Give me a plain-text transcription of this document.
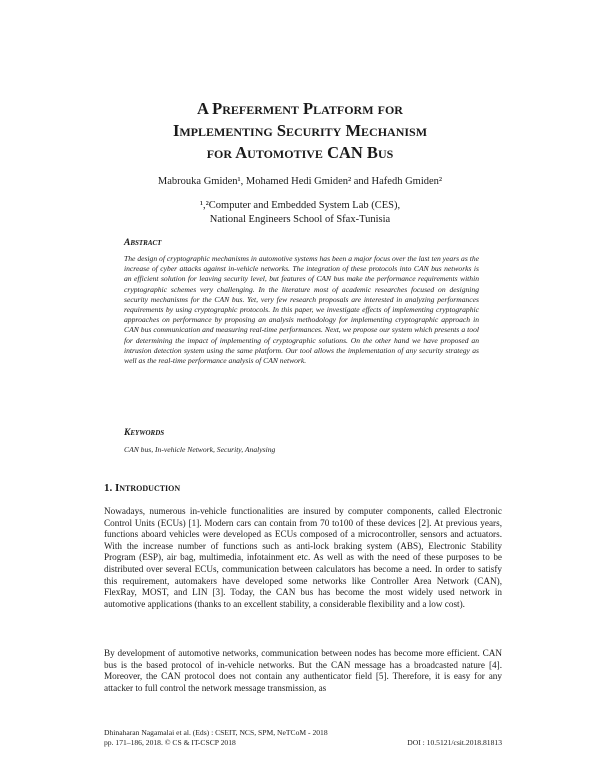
A Preferment Platform for
Implementing Security Mechanism
for Automotive CAN Bus
Mabrouka Gmiden¹, Mohamed Hedi Gmiden² and Hafedh Gmiden²
¹,²Computer and Embedded System Lab (CES),
National Engineers School of Sfax-Tunisia
Abstract
The design of cryptographic mechanisms in automotive systems has been a major focus over the last ten years as the increase of cyber attacks against in-vehicle networks. The integration of these protocols into CAN bus networks is an efficient solution for leaving security level, but features of CAN bus make the performance requirements within cryptographic schemes very challenging. In the literature most of academic researches focused on designing security mechanisms for the CAN bus. Yet, very few research proposals are interested in analyzing performances requirements by using cryptographic protocols. In this paper, we investigate effects of implementing cryptographic approaches on performance by proposing an analysis methodology for implementing cryptographic approach in CAN bus communication and measuring real-time performances. Next, we propose our system which presents a tool for determining the impact of implementing of cryptographic solutions. On the other hand we have proposed an intrusion detection system using the same platform. Our tool allows the implementation of any security strategy as well as the real-time performance analysis of CAN network.
Keywords
CAN bus, In-vehicle Network, Security, Analysing
1. Introduction
Nowadays, numerous in-vehicle functionalities are insured by computer components, called Electronic Control Units (ECUs) [1]. Modern cars can contain from 70 to100 of these devices [2]. At previous years, functions aboard vehicles were developed as ECUs composed of a microcontroller, sensors and actuators. With the increase number of functions such as anti-lock braking system (ABS), Electronic Stability Program (ESP), air bag, multimedia, infotainment etc. As well as with the need of these purposes to be distributed over several ECUs, communication between calculators has become a need. In order to satisfy this requirement, automakers have developed some networks like Controller Area Network (CAN), FlexRay, MOST, and LIN [3]. Today, the CAN bus has become the most widely used network in automotive applications (thanks to an excellent stability, a considerable flexibility and a low cost).
By development of automotive networks, communication between nodes has become more efficient. CAN bus is the based protocol of in-vehicle networks. But the CAN message has a broadcasted nature [4]. Moreover, the CAN protocol does not contain any authenticator field [5]. Therefore, it is easy for any attacker to full control the network message transmission, as
Dhinaharan Nagamalai et al. (Eds) : CSEIT, NCS, SPM, NeTCoM - 2018
pp. 171–186, 2018. © CS & IT-CSCP 2018	DOI : 10.5121/csit.2018.81813
